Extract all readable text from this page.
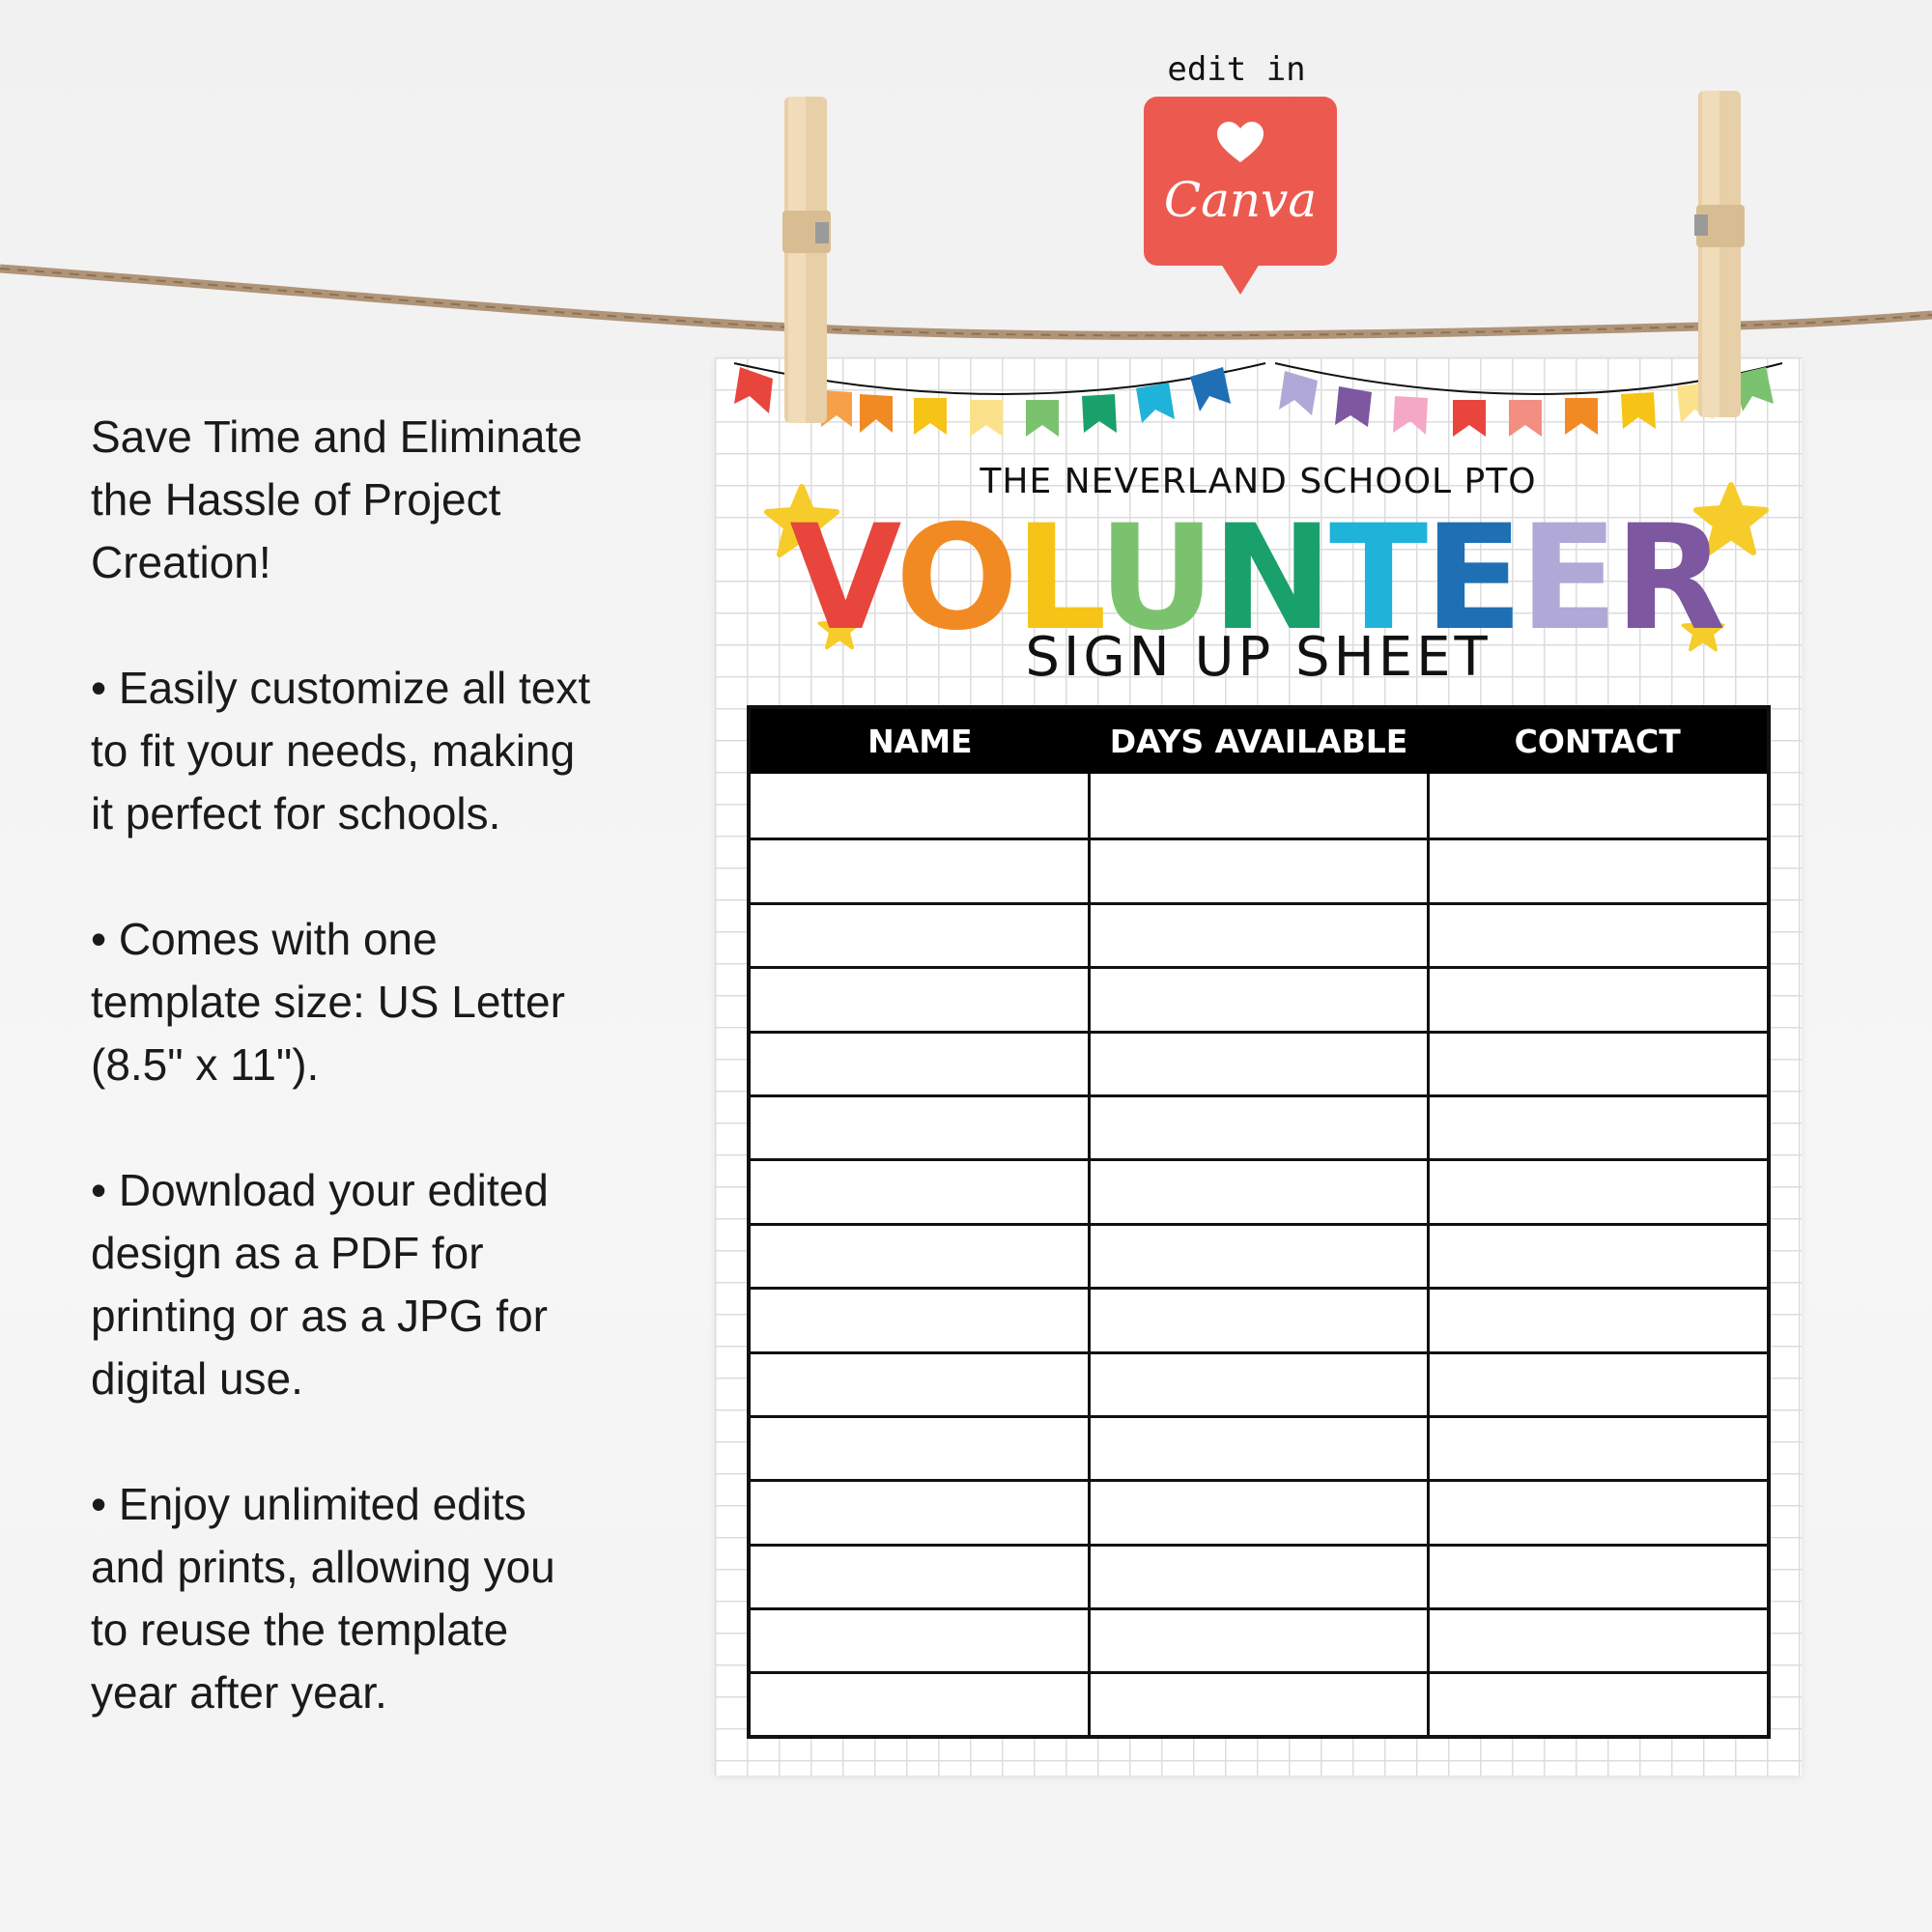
Save Time and Eliminate
the Hassle of Project
Creation!

• Easily customize all text
to fit your needs, making
it perfect for schools.

• Comes with one
template size: US Letter
(8.5" x 11").

• Download your edited
design as a PDF for
printing or as a JPG for
digital use.

• Enjoy unlimited edits
and prints, allowing you
to reuse the template
year after year.

edit in
Canva
THE NEVERLAND SCHOOL PTO
VOLUNTEER
SIGN UP SHEET
NAME	DAYS AVAILABLE	CONTACT
